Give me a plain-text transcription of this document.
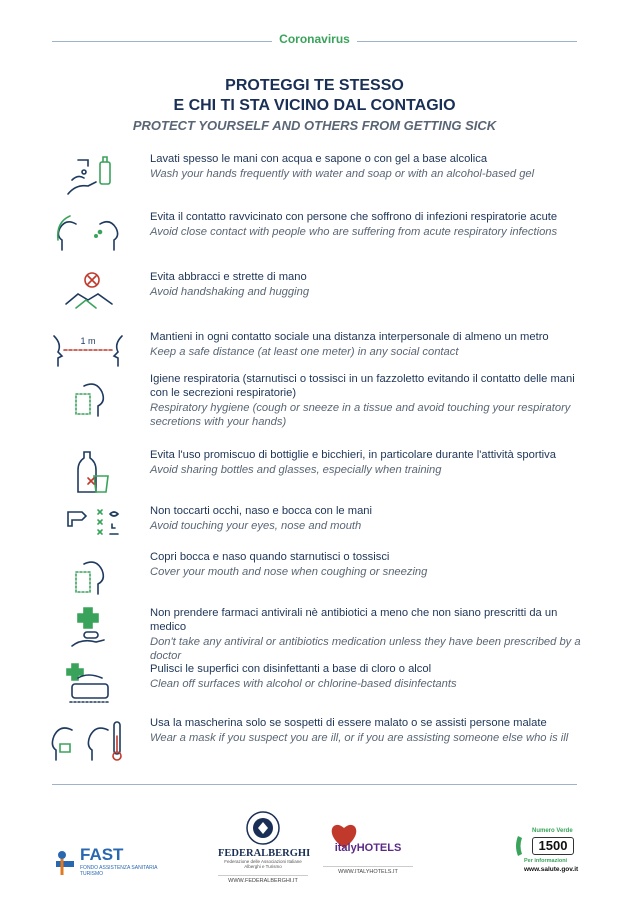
Coronavirus
PROTEGGI TE STESSO
E CHI TI STA VICINO DAL CONTAGIO
PROTECT YOURSELF AND OTHERS FROM GETTING SICK
Lavati spesso le mani con acqua e sapone o con gel a base alcolica
Wash your hands frequently with water and soap or with an alcohol-based gel
Evita il contatto ravvicinato con persone che soffrono di infezioni respiratorie acute
Avoid close contact with people who are suffering from acute respiratory infections
Evita abbracci e strette di mano
Avoid handshaking and hugging
1 m	Mantieni in ogni contatto sociale una distanza interpersonale di almeno un metro
Keep a safe distance (at least one meter) in any social contact
Igiene respiratoria (starnutisci o tossisci in un fazzoletto evitando il contatto delle mani con le secrezioni respiratorie)
Respiratory hygiene (cough or sneeze in a tissue and avoid touching your respiratory secretions with your hands)
Evita l'uso promiscuo di bottiglie e bicchieri, in particolare durante l'attività sportiva
Avoid sharing bottles and glasses, especially when training
Non toccarti occhi, naso e bocca con le mani
Avoid touching your eyes, nose and mouth
Copri bocca e naso quando starnutisci o tossisci
Cover your mouth and nose when coughing or sneezing
Non prendere farmaci antivirali nè antibiotici a meno che non siano prescritti da un medico
Don't take any antiviral or antibiotics medication unless they have been prescribed by a doctor
Pulisci le superfici con disinfettanti a base di cloro o alcol
Clean off surfaces with alcohol or chlorine-based disinfectants
Usa la mascherina solo se sospetti di essere malato o se assisti persone malate
Wear a mask if you suspect you are ill, or if you are assisting someone else who is ill
FAST
FONDO ASSISTENZA SANITARIA TURISMO
FEDERALBERGHI
Federazione delle Associazioni Italiane Alberghi e Turismo
WWW.FEDERALBERGHI.IT
italyHOTELS
WWW.ITALYHOTELS.IT
Numero Verde
1500
Per informazioni
www.salute.gov.it
